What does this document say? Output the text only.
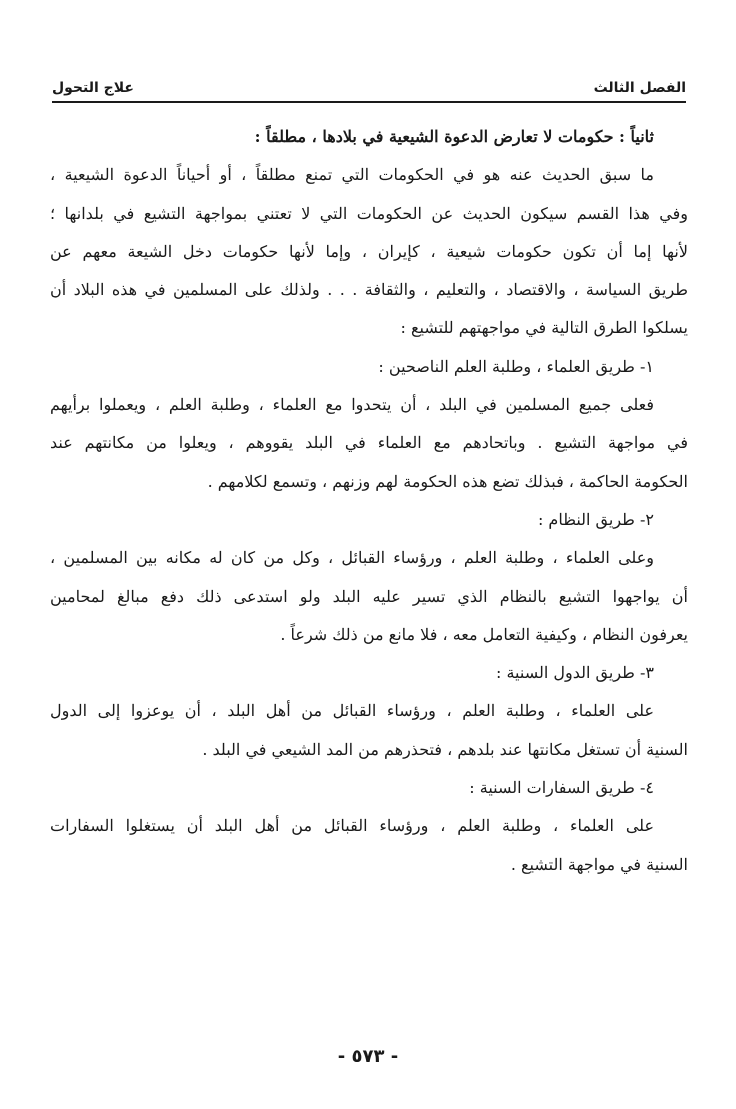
الفصل الثالث
علاج التحول
ثانياً : حكومات لا تعارض الدعوة الشيعية في بلادها ، مطلقاً :
ما سبق الحديث عنه هو في الحكومات التي تمنع مطلقاً ، أو أحياناً الدعوة الشيعية ،
وفي هذا القسم سيكون الحديث عن الحكومات التي لا تعتني بمواجهة التشيع في بلدانها ؛
لأنها إما أن تكون حكومات شيعية ، كإيران ، وإما لأنها حكومات دخل الشيعة معهم عن
طريق السياسة ، والاقتصاد ، والتعليم ، والثقافة . . . ولذلك على المسلمين في هذه البلاد أن
يسلكوا الطرق التالية في مواجهتهم للتشيع :
١- طريق العلماء ، وطلبة العلم الناصحين :
فعلى جميع المسلمين في البلد ، أن يتحدوا مع العلماء ، وطلبة العلم ، ويعملوا برأيهم
في مواجهة التشيع . وباتحادهم مع العلماء في البلد يقووهم ، ويعلوا من مكانتهم عند
الحكومة الحاكمة ، فبذلك تضع هذه الحكومة لهم وزنهم ، وتسمع لكلامهم .
٢- طريق النظام :
وعلى العلماء ، وطلبة العلم ، ورؤساء القبائل ، وكل من كان له مكانه بين المسلمين ،
أن يواجهوا التشيع بالنظام الذي تسير عليه البلد ولو استدعى ذلك دفع مبالغ لمحامين
يعرفون النظام ، وكيفية التعامل معه ، فلا مانع من ذلك شرعاً .
٣- طريق الدول السنية :
على العلماء ، وطلبة العلم ، ورؤساء القبائل من أهل البلد ، أن يوعزوا إلى الدول
السنية أن تستغل مكانتها عند بلدهم ، فتحذرهم من المد الشيعي في البلد .
٤- طريق السفارات السنية :
على العلماء ، وطلبة العلم ، ورؤساء القبائل من أهل البلد أن يستغلوا السفارات
السنية في مواجهة التشيع .
- ٥٧٣ -
